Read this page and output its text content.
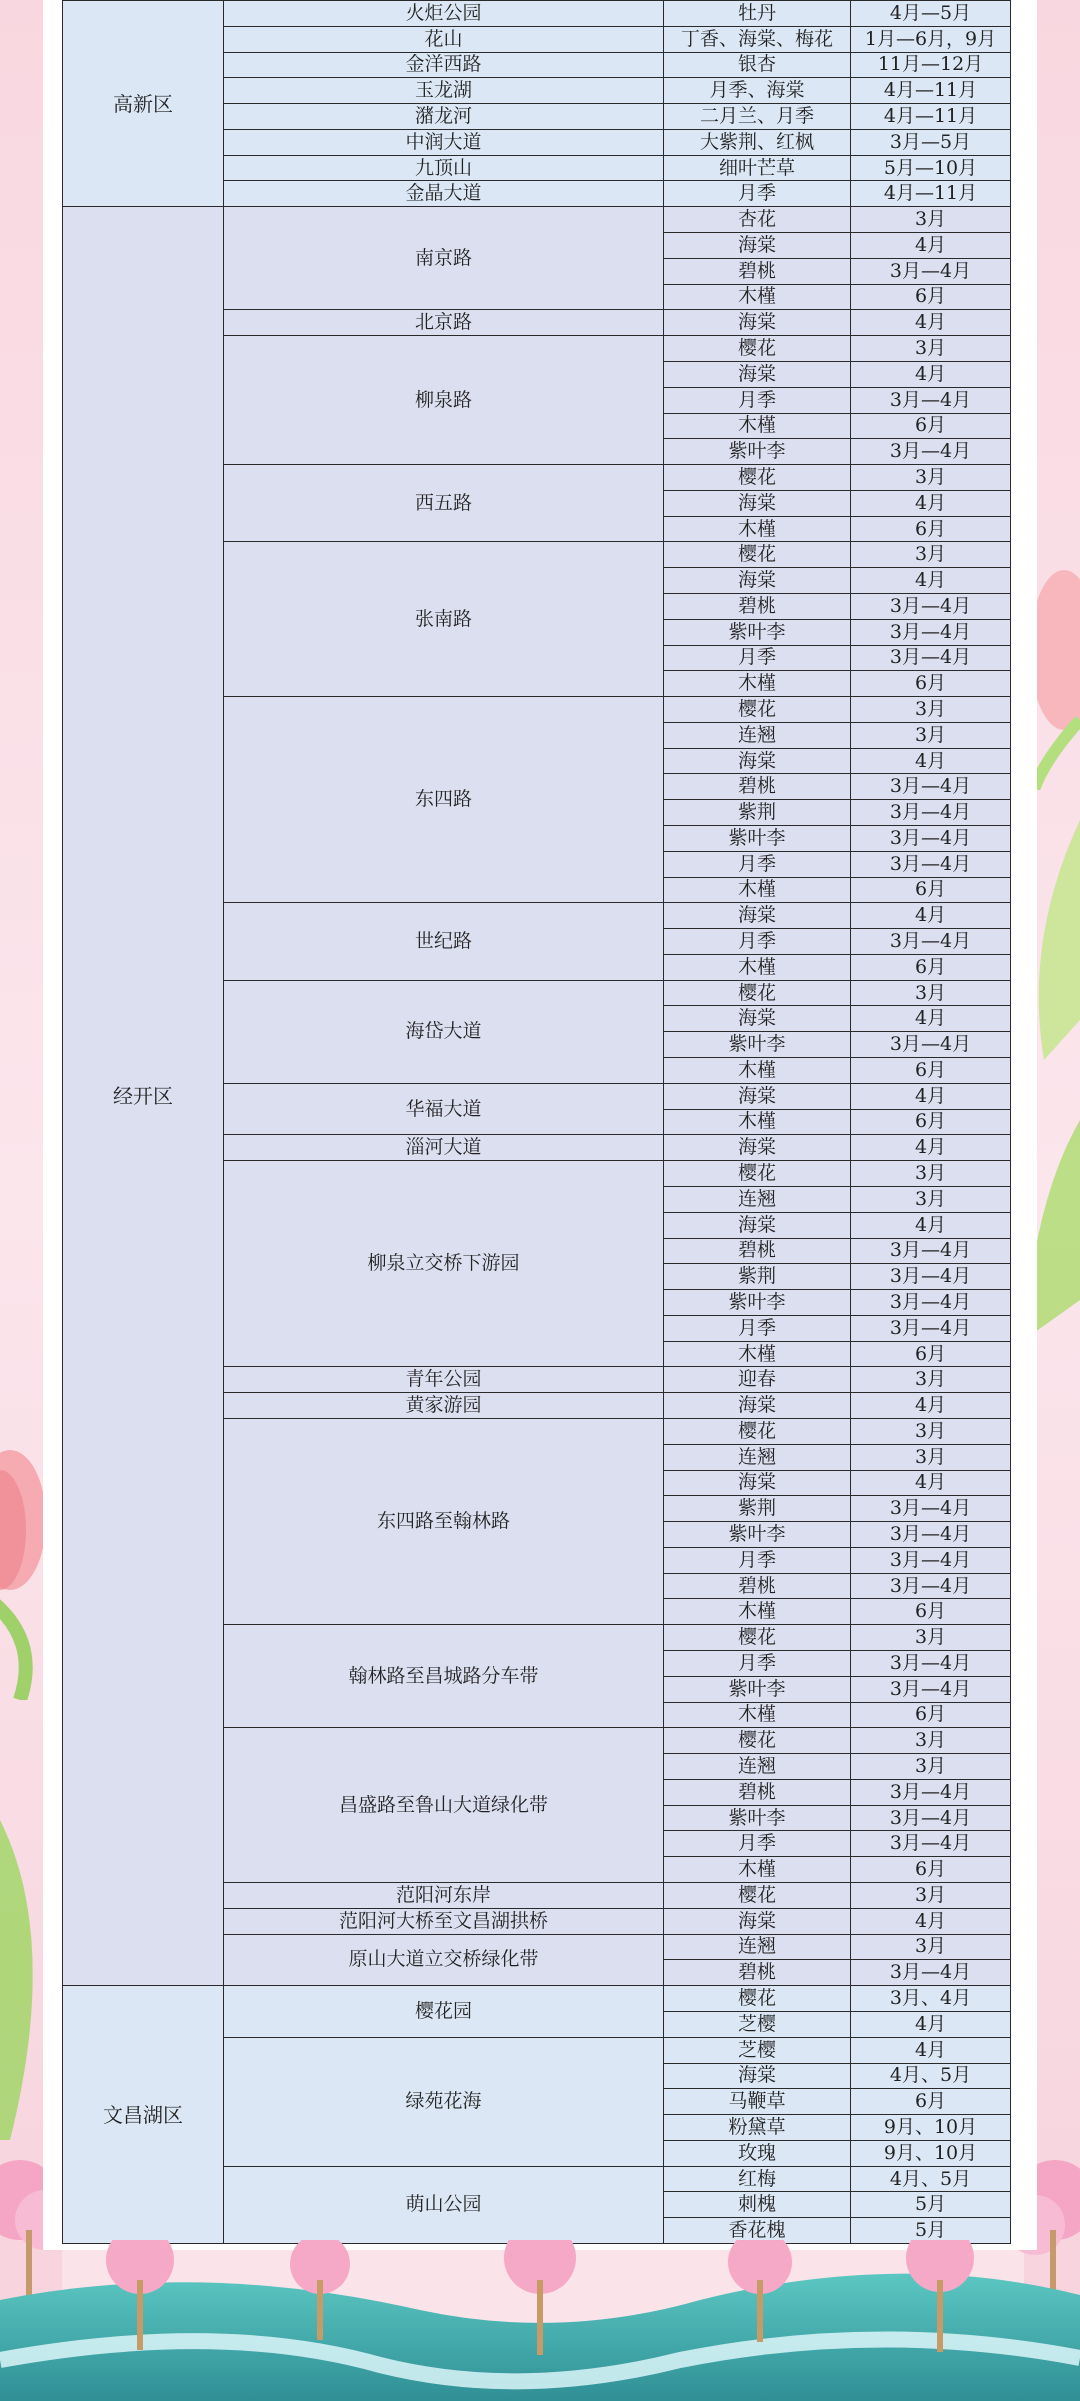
高新区	火炬公园	牡丹	4月—5月
	花山	丁香、海棠、梅花	1月—6月，9月
	金洋西路	银杏	11月—12月
	玉龙湖	月季、海棠	4月—11月
	潴龙河	二月兰、月季	4月—11月
	中润大道	大紫荆、红枫	3月—5月
	九顶山	细叶芒草	5月—10月
	金晶大道	月季	4月—11月
经开区	南京路	杏花	3月
		海棠	4月
		碧桃	3月—4月
		木槿	6月
	北京路	海棠	4月
	柳泉路	樱花	3月
		海棠	4月
		月季	3月—4月
		木槿	6月
		紫叶李	3月—4月
	西五路	樱花	3月
		海棠	4月
		木槿	6月
	张南路	樱花	3月
		海棠	4月
		碧桃	3月—4月
		紫叶李	3月—4月
		月季	3月—4月
		木槿	6月
	东四路	樱花	3月
		连翘	3月
		海棠	4月
		碧桃	3月—4月
		紫荆	3月—4月
		紫叶李	3月—4月
		月季	3月—4月
		木槿	6月
	世纪路	海棠	4月
		月季	3月—4月
		木槿	6月
	海岱大道	樱花	3月
		海棠	4月
		紫叶李	3月—4月
		木槿	6月
	华福大道	海棠	4月
		木槿	6月
	淄河大道	海棠	4月
	柳泉立交桥下游园	樱花	3月
		连翘	3月
		海棠	4月
		碧桃	3月—4月
		紫荆	3月—4月
		紫叶李	3月—4月
		月季	3月—4月
		木槿	6月
	青年公园	迎春	3月
	黄家游园	海棠	4月
	东四路至翰林路	樱花	3月
		连翘	3月
		海棠	4月
		紫荆	3月—4月
		紫叶李	3月—4月
		月季	3月—4月
		碧桃	3月—4月
		木槿	6月
	翰林路至昌城路分车带	樱花	3月
		月季	3月—4月
		紫叶李	3月—4月
		木槿	6月
	昌盛路至鲁山大道绿化带	樱花	3月
		连翘	3月
		碧桃	3月—4月
		紫叶李	3月—4月
		月季	3月—4月
		木槿	6月
	范阳河东岸	樱花	3月
	范阳河大桥至文昌湖拱桥	海棠	4月
	原山大道立交桥绿化带	连翘	3月
		碧桃	3月—4月
文昌湖区	樱花园	樱花	3月、4月
		芝樱	4月
	绿苑花海	芝樱	4月
		海棠	4月、5月
		马鞭草	6月
		粉黛草	9月、10月
		玫瑰	9月、10月
	萌山公园	红梅	4月、5月
		刺槐	5月
		香花槐	5月
